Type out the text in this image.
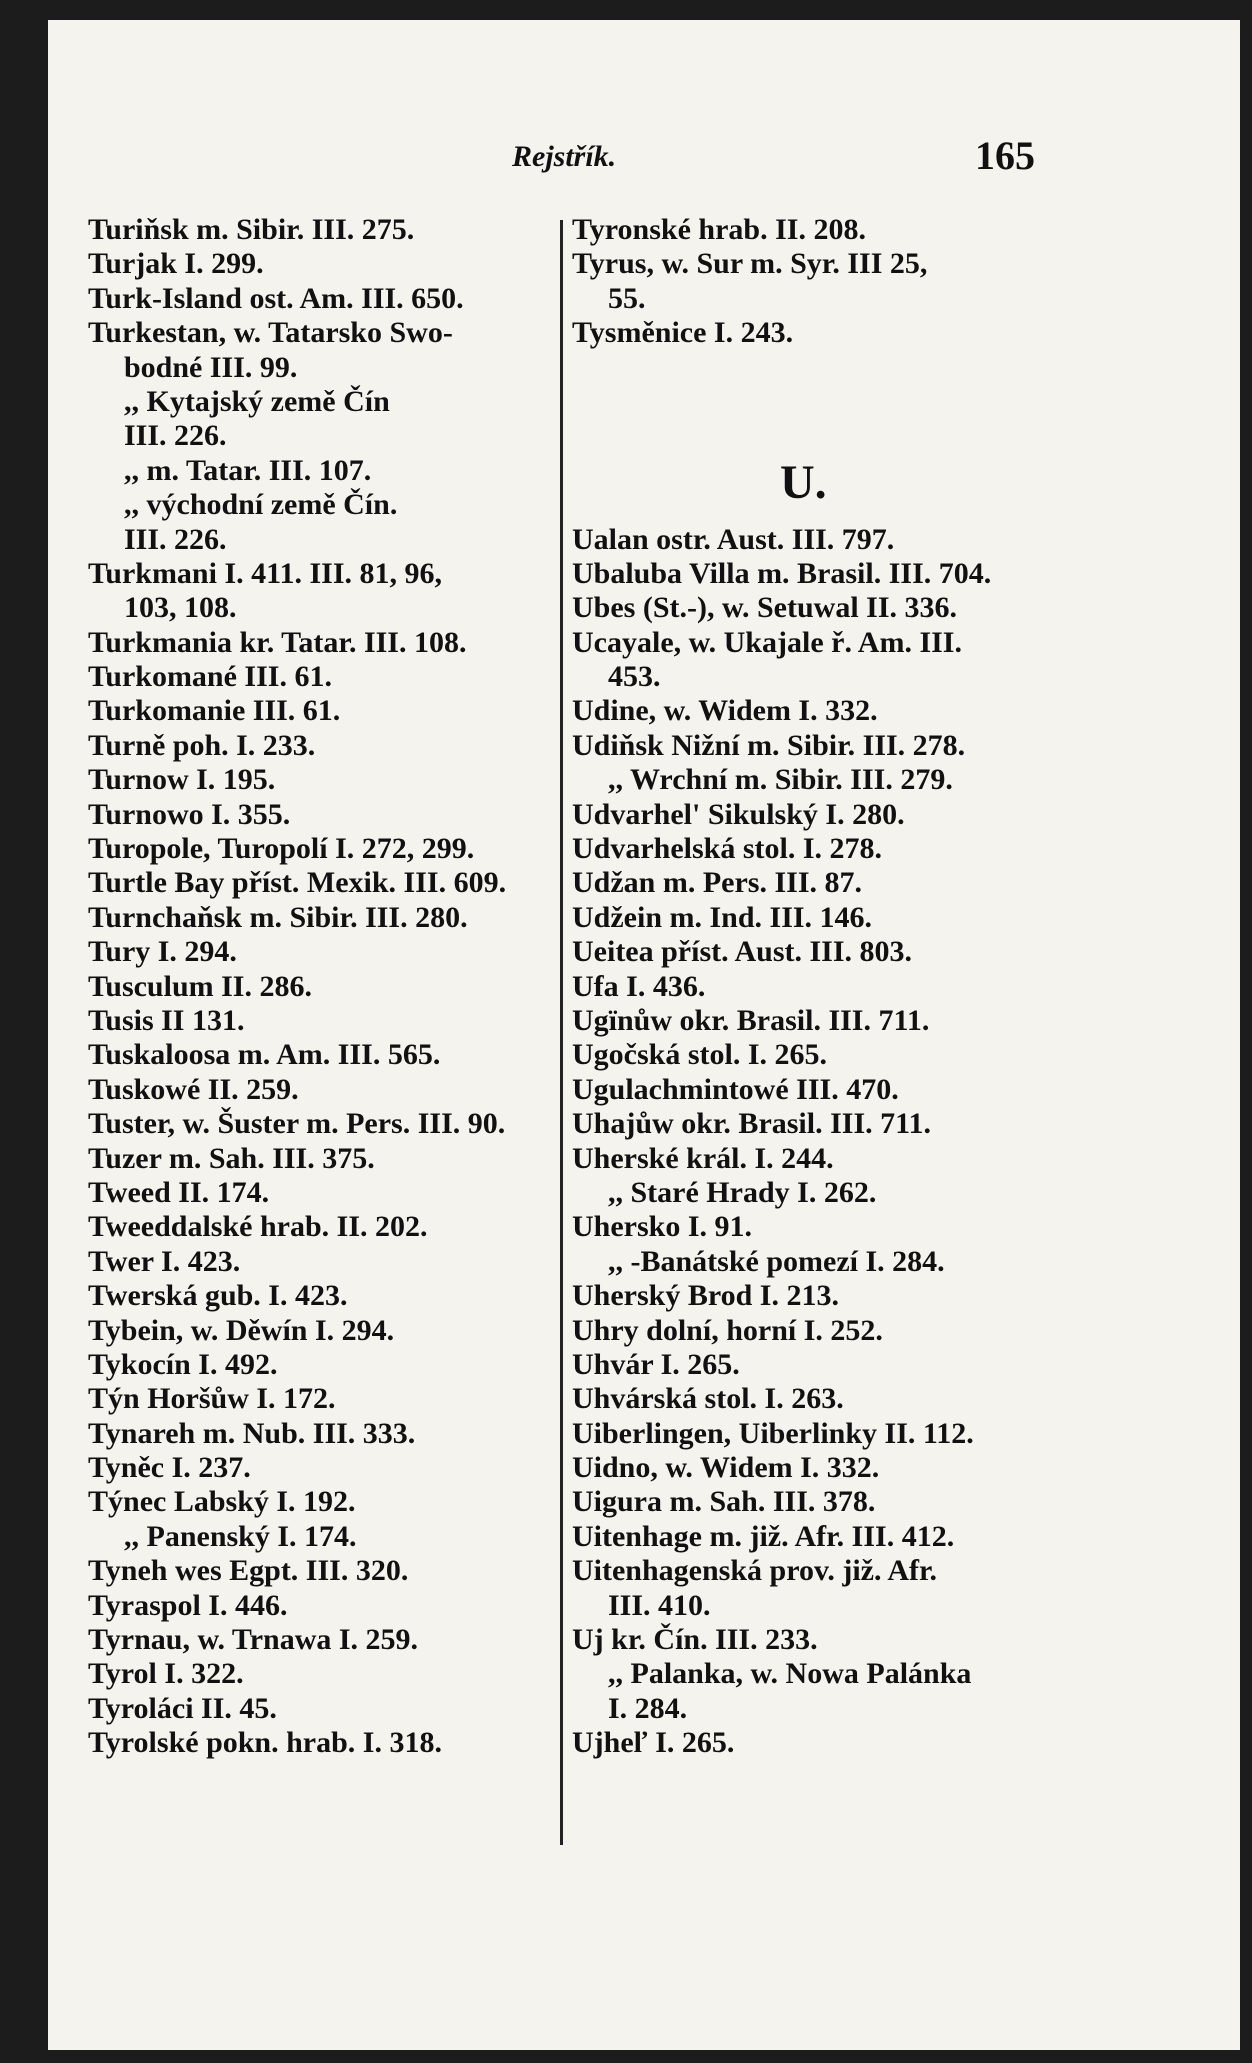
Rejstřík.	165
Turiňsk m. Sibir. III. 275.
Turjak I. 299.
Turk-Island ost. Am. III. 650.
Turkestan, w. Tatarsko Swo-
bodné III. 99.
,, Kytajský země Čín
III. 226.
,, m. Tatar. III. 107.
,, východní země Čín.
III. 226.
Turkmani I. 411. III. 81, 96,
103, 108.
Turkmania kr. Tatar. III. 108.
Turkomané III. 61.
Turkomanie III. 61.
Turně poh. I. 233.
Turnow I. 195.
Turnowo I. 355.
Turopole, Turopolí I. 272, 299.
Turtle Bay příst. Mexik. III. 609.
Turnchaňsk m. Sibir. III. 280.
Tury I. 294.
Tusculum II. 286.
Tusis II 131.
Tuskaloosa m. Am. III. 565.
Tuskowé II. 259.
Tuster, w. Šuster m. Pers. III. 90.
Tuzer m. Sah. III. 375.
Tweed II. 174.
Tweeddalské hrab. II. 202.
Twer I. 423.
Twerská gub. I. 423.
Tybein, w. Děwín I. 294.
Tykocín I. 492.
Týn Horšůw I. 172.
Tynareh m. Nub. III. 333.
Tyněc I. 237.
Týnec Labský I. 192.
,, Panenský I. 174.
Tyneh wes Egpt. III. 320.
Tyraspol I. 446.
Tyrnau, w. Trnawa I. 259.
Tyrol I. 322.
Tyroláci II. 45.
Tyrolské pokn. hrab. I. 318.
Tyronské hrab. II. 208.
Tyrus, w. Sur m. Syr. III 25,
55.
Tysměnice I. 243.
Ualan ostr. Aust. III. 797.
Ubaluba Villa m. Brasil. III. 704.
Ubes (St.-), w. Setuwal II. 336.
Ucayale, w. Ukajale ř. Am. III.
453.
Udine, w. Widem I. 332.
Udiňsk Nižní m. Sibir. III. 278.
,, Wrchní m. Sibir. III. 279.
Udvarhel' Sikulský I. 280.
Udvarhelská stol. I. 278.
Udžan m. Pers. III. 87.
Udžein m. Ind. III. 146.
Ueitea příst. Aust. III. 803.
Ufa I. 436.
Ugïnůw okr. Brasil. III. 711.
Ugočská stol. I. 265.
Ugulachmintowé III. 470.
Uhajůw okr. Brasil. III. 711.
Uherské král. I. 244.
,, Staré Hrady I. 262.
Uhersko I. 91.
,, -Banátské pomezí I. 284.
Uherský Brod I. 213.
Uhry dolní, horní I. 252.
Uhvár I. 265.
Uhvárská stol. I. 263.
Uiberlingen, Uiberlinky II. 112.
Uidno, w. Widem I. 332.
Uigura m. Sah. III. 378.
Uitenhage m. již. Afr. III. 412.
Uitenhagenská prov. již. Afr.
III. 410.
Uj kr. Čín. III. 233.
,, Palanka, w. Nowa Palánka
I. 284.
Ujheľ I. 265.
U.
